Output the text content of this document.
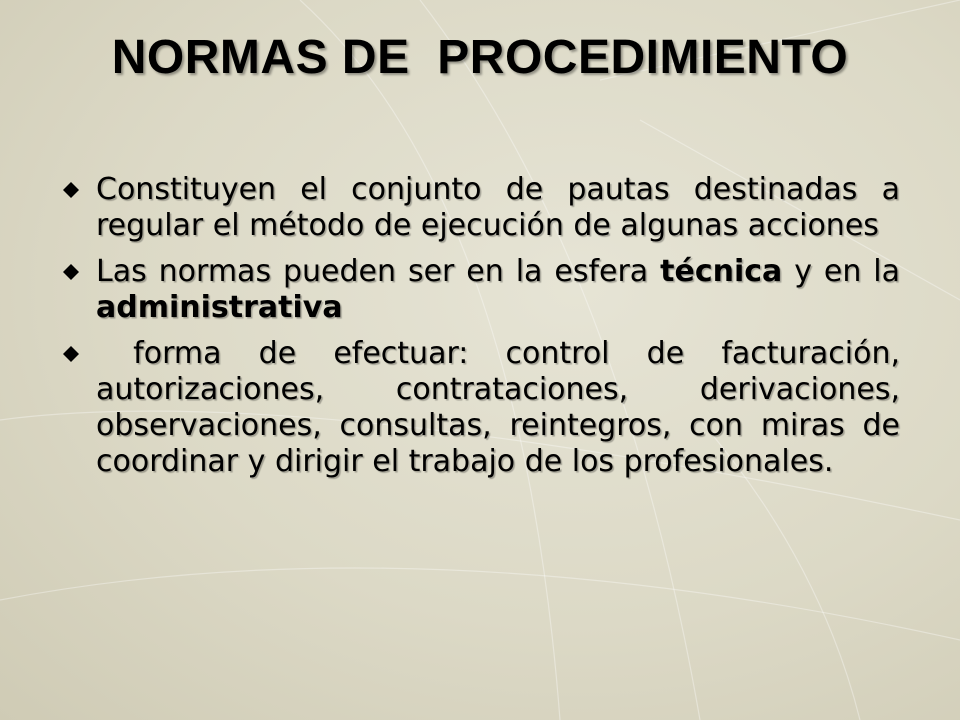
NORMAS DE  PROCEDIMIENTO
Constituyen el conjunto de pautas destinadas a regular el método de ejecución de algunas acciones
Las normas pueden ser en la esfera técnica y en la administrativa
forma de efectuar: control de facturación, autorizaciones, contrataciones, derivaciones, observaciones, consultas, reintegros, con miras de coordinar y dirigir el trabajo de los profesionales.
